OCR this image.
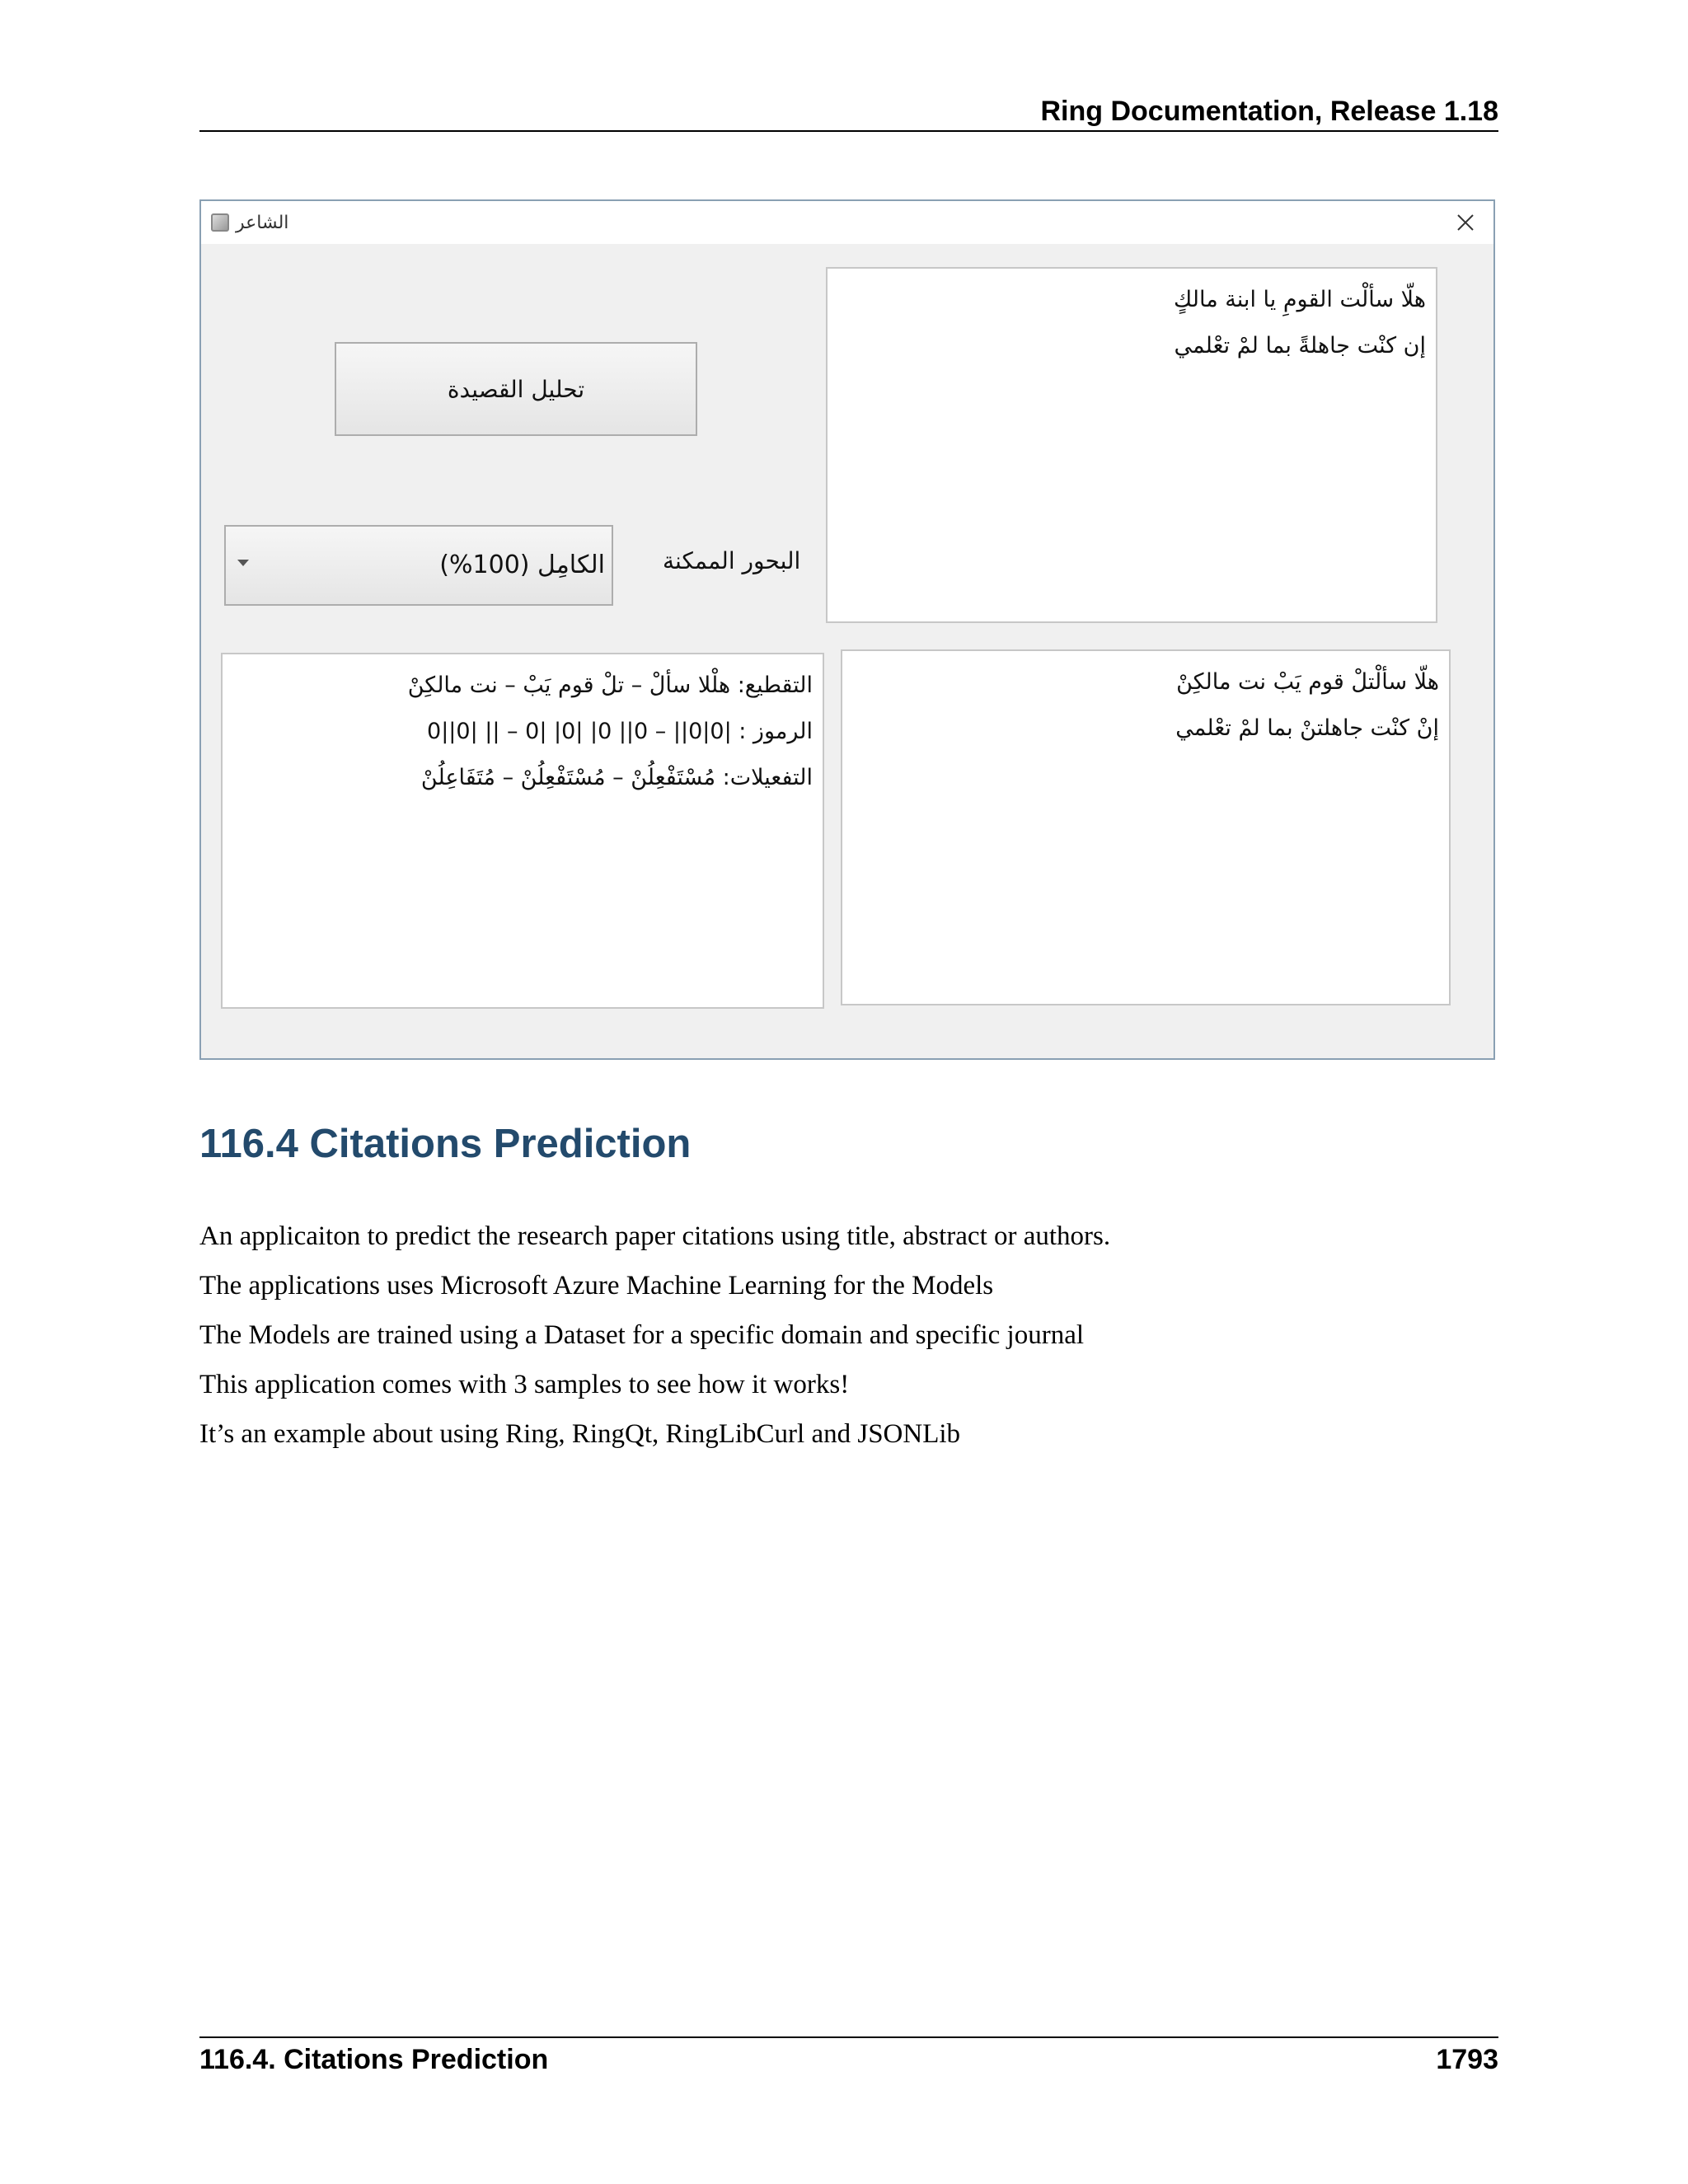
Ring Documentation, Release 1.18
الشاعر
هلّا سألْت القومِ يا ابنة مالكٍ
إن كنْت جاهلةً بما لمْ تعْلمي
تحليل القصيدة
الكامِل (100%)	البحور الممكنة
التقطيع: هلْلا سألْ – تلْ قوم يَبْ – نت مالكِنْ
الرموز : |0|0|| – 0|| 0| |0| |0 – || |0||0
التفعيلات: مُسْتَفْعِلُنْ – مُسْتَفْعِلُنْ – مُتَفَاعِلُنْ
هلّا سألْتلْ قوم يَبْ نت مالكِنْ
إنْ كنْت جاهلتنْ بما لمْ تعْلمي
116.4 Citations Prediction
An applicaiton to predict the research paper citations using title, abstract or authors.
The applications uses Microsoft Azure Machine Learning for the Models
The Models are trained using a Dataset for a specific domain and specific journal
This application comes with 3 samples to see how it works!
It’s an example about using Ring, RingQt, RingLibCurl and JSONLib
116.4. Citations Prediction	1793
